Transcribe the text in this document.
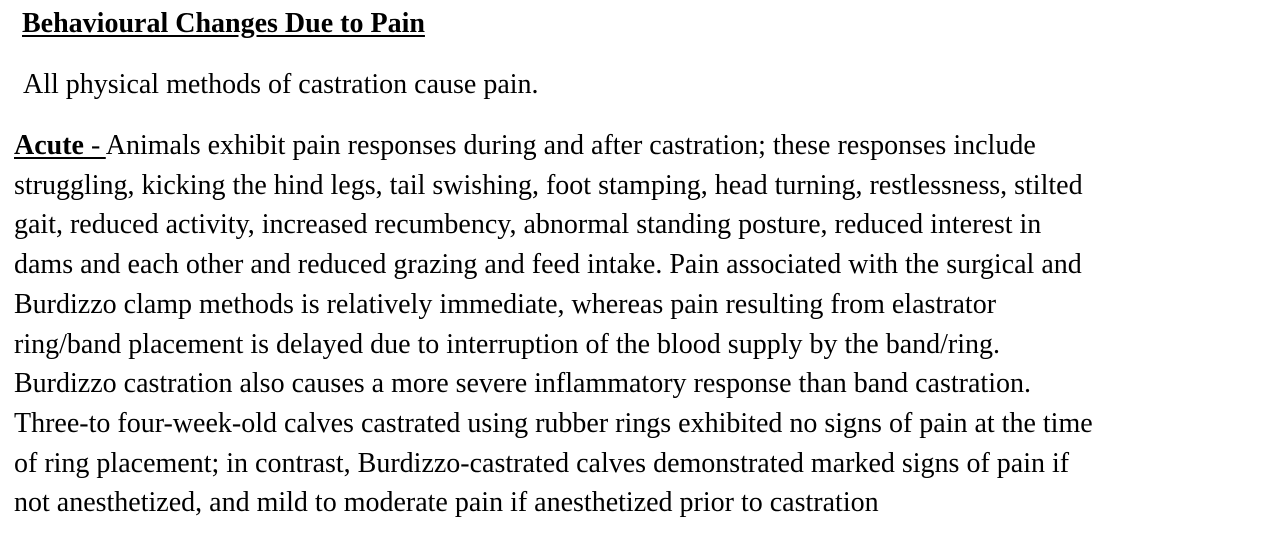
Behavioural Changes Due to Pain

All physical methods of castration cause pain.

Acute - Animals exhibit pain responses during and after castration; these responses include
struggling, kicking the hind legs, tail swishing, foot stamping, head turning, restlessness, stilted
gait, reduced activity, increased recumbency, abnormal standing posture, reduced interest in
dams and each other and reduced grazing and feed intake. Pain associated with the surgical and
Burdizzo clamp methods is relatively immediate, whereas pain resulting from elastrator
ring/band placement is delayed due to interruption of the blood supply by the band/ring.
Burdizzo castration also causes a more severe inflammatory response than band castration.
Three-to four-week-old calves castrated using rubber rings exhibited no signs of pain at the time
of ring placement; in contrast, Burdizzo-castrated calves demonstrated marked signs of pain if
not anesthetized, and mild to moderate pain if anesthetized prior to castration
